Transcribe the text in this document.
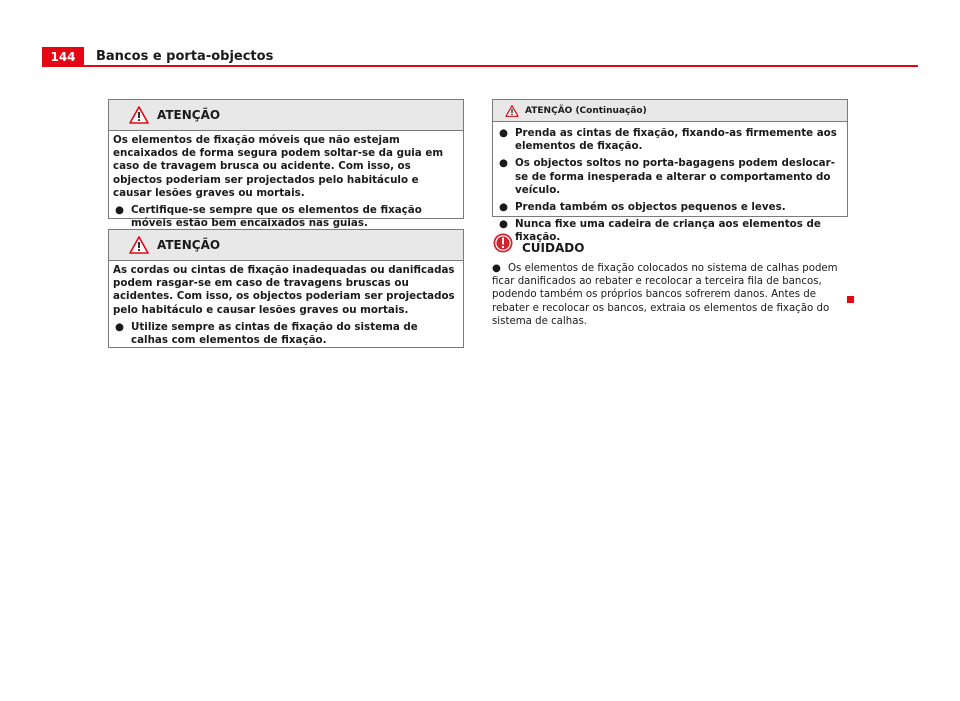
144	Bancos e porta-objectos
ATENÇÃO

Os elementos de fixação móveis que não estejam encaixados de forma segura podem soltar-se da guia em caso de travagem brusca ou acidente. Com isso, os objectos poderiam ser projectados pelo habitáculo e causar lesões graves ou mortais.

● Certifique-se sempre que os elementos de fixação móveis estão bem encaixados nas guias.
ATENÇÃO

As cordas ou cintas de fixação inadequadas ou danificadas podem rasgar-se em caso de travagens bruscas ou acidentes. Com isso, os objectos poderiam ser projectados pelo habitáculo e causar lesões graves ou mortais.

● Utilize sempre as cintas de fixação do sistema de calhas com elementos de fixação.
ATENÇÃO (Continuação)
● Prenda as cintas de fixação, fixando-as firmemente aos elementos de fixação.
● Os objectos soltos no porta-bagagens podem deslocar-se de forma inesperada e alterar o comportamento do veículo.
● Prenda também os objectos pequenos e leves.
● Nunca fixe uma cadeira de criança aos elementos de fixação.
CUIDADO
● Os elementos de fixação colocados no sistema de calhas podem ficar danificados ao rebater e recolocar a terceira fila de bancos, podendo também os próprios bancos sofrerem danos. Antes de rebater e recolocar os bancos, extraia os elementos de fixação do sistema de calhas.
